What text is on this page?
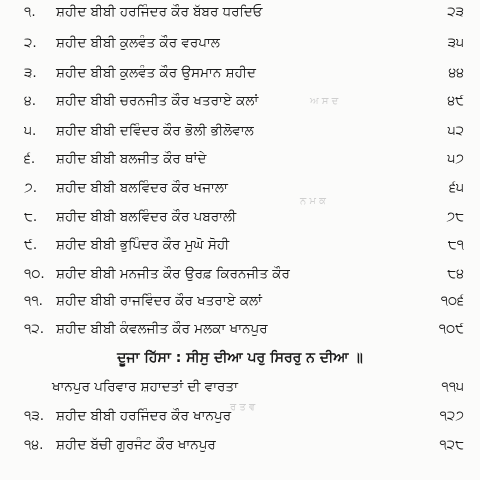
ਅ ਸ ਦ
ਨ ਮ ਕ
ਰ ਤ ਵ
੧.	ਸ਼ਹੀਦ ਬੀਬੀ ਹਰਜਿੰਦਰ ਕੌਰ ਬੱਬਰ ਧਰਦਿਓ	੨੩
੨.	ਸ਼ਹੀਦ ਬੀਬੀ ਕੁਲਵੰਤ ਕੌਰ ਵਰਪਾਲ	੩੫
੩.	ਸ਼ਹੀਦ ਬੀਬੀ ਕੁਲਵੰਤ ਕੌਰ ਉਸਮਾਨ ਸ਼ਹੀਦ	੪੪
੪.	ਸ਼ਹੀਦ ਬੀਬੀ ਚਰਨਜੀਤ ਕੌਰ ਖਤਰਾਏ ਕਲਾਂ	੪੯
੫.	ਸ਼ਹੀਦ ਬੀਬੀ ਦਵਿੰਦਰ ਕੌਰ ਭੋਲੀ ਭੀਲੋਵਾਲ	੫੨
੬.	ਸ਼ਹੀਦ ਬੀਬੀ ਬਲਜੀਤ ਕੌਰ ਥਾਂਦੇ	੫੭
੭.	ਸ਼ਹੀਦ ਬੀਬੀ ਬਲਵਿੰਦਰ ਕੌਰ ਖਜਾਲਾ	੬੫
੮.	ਸ਼ਹੀਦ ਬੀਬੀ ਬਲਵਿੰਦਰ ਕੌਰ ਪਬਰਾਲੀ	੭੮
੯.	ਸ਼ਹੀਦ ਬੀਬੀ ਭੁਪਿੰਦਰ ਕੌਰ ਮੁਘੋ ਸੋਹੀ	੮੧
੧੦. ਸ਼ਹੀਦ ਬੀਬੀ ਮਨਜੀਤ ਕੌਰ ਉਰਫ਼ ਕਿਰਨਜੀਤ ਕੌਰ	੮੪
੧੧. ਸ਼ਹੀਦ ਬੀਬੀ ਰਾਜਵਿੰਦਰ ਕੌਰ ਖਤਰਾਏ ਕਲਾਂ	੧੦੬
੧੨. ਸ਼ਹੀਦ ਬੀਬੀ ਕੰਵਲਜੀਤ ਕੌਰ ਮਲਕਾ ਖਾਨਪੁਰ	੧੦੯
ਦੂਜਾ ਹਿੱਸਾ : ਸੀਸੁ ਦੀਆ ਪਰੁ ਸਿਰਰੁ ਨ ਦੀਆ ॥
ਖਾਨਪੁਰ ਪਰਿਵਾਰ ਸ਼ਹਾਦਤਾਂ ਦੀ ਵਾਰਤਾ	੧੧੫
੧੩. ਸ਼ਹੀਦ ਬੀਬੀ ਹਰਜਿੰਦਰ ਕੌਰ ਖਾਨਪੁਰ	੧੨੭
੧੪. ਸ਼ਹੀਦ ਬੱਚੀ ਗੁਰਜੰਟ ਕੌਰ ਖਾਨਪੁਰ	੧੨੮
